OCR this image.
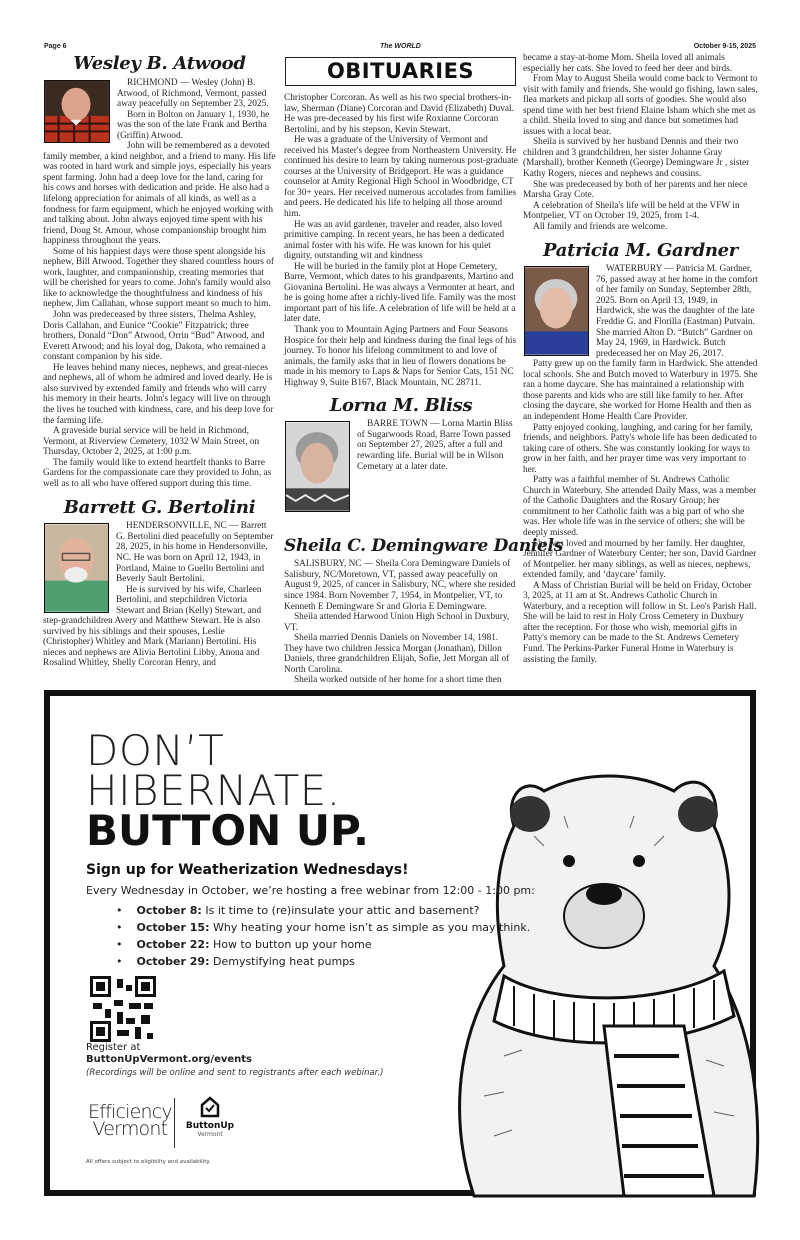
Page 6	The WORLD	October 9-15, 2025
OBITUARIES
Wesley B. Atwood

RICHMOND — Wesley (John) B. Atwood, of Richmond, Vermont, passed away peacefully on September 23, 2025.

Born in Bolton on January 1, 1930, he was the son of the late Frank and Bertha (Griffin) Atwood.

John will be remembered as a devoted family member, a kind neighbor, and a friend to many. His life was rooted in hard work and simple joys, especially his years spent farming. John had a deep love for the land, caring for his cows and horses with dedication and pride. He also had a lifelong appreciation for animals of all kinds, as well as a fondness for farm equipment, which he enjoyed working with and talking about. John always enjoyed time spent with his friend, Doug St. Amour, whose companionship brought him happiness throughout the years.

Some of his happiest days were those spent alongside his nephew, Bill Atwood. Together they shared countless hours of work, laughter, and companionship, creating memories that will be cherished for years to come. John's family would also like to acknowledge the thoughtfulness and kindness of his nephew, Jim Callahan, whose support meant so much to him.

John was predeceased by three sisters, Thelma Ashley, Doris Callahan, and Eunice “Cookie” Fitzpatrick; three brothers, Donald “Don” Atwood, Orrin “Bud” Atwood, and Everett Atwood; and his loyal dog, Dakota, who remained a constant companion by his side.

He leaves behind many nieces, nephews, and great-nieces and nephews, all of whom he admired and loved dearly. He is also survived by extended family and friends who will carry his memory in their hearts. John's legacy will live on through the lives he touched with kindness, care, and his deep love for the farming life.

A graveside burial service will be held in Richmond, Vermont, at Riverview Cemetery, 1032 W Main Street, on Thursday, October 2, 2025, at 1:00 p.m.

The family would like to extend heartfelt thanks to Barre Gardens for the compassionate care they provided to John, as well as to all who have offered support during this time.

Barrett G. Bertolini

HENDERSONVILLE, NC — Barrett G. Bertolini died peacefully on September 28, 2025, in his home in Hendersonville, NC. He was born on April 12, 1943, in Portland, Maine to Guello Bertolini and Beverly Sault Bertolini.

He is survived by his wife, Charleen Bertolini, and stepchildren Victoria Stewart and Brian (Kelly) Stewart, and step-grandchildren Avery and Matthew Stewart. He is also survived by his siblings and their spouses, Leslie (Christopher) Whitley and Mark (Mariann) Bertolini. His nieces and nephews are Alivia Bertolini Libby, Anona and Rosalind Whitley, Shelly Corcoran Henry, and

Christopher Corcoran. As well as his two special brothers-in-law, Sherman (Diane) Corcoran and David (Elizabeth) Duval. He was pre-deceased by his first wife Roxianne Corcoran Bertolini, and by his stepson, Kevin Stewart.

He was a graduate of the University of Vermont and received his Master's degree from Northeastern University. He continued his desire to learn by taking numerous post-graduate courses at the University of Bridgeport. He was a guidance counselor at Amity Regional High School in Woodbridge, CT for 30+ years. Her received numerous accolades from families and peers. He dedicated his life to helping all those around him.

He was an avid gardener, traveler and reader, also loved primitive camping. In recent years, he has been a dedicated animal foster with his wife. He was known for his quiet dignity, outstanding wit and kindness

He will be buried in the family plot at Hope Cemetery, Barre, Vermont, which dates to his grandparents, Martino and Giovanina Bertolini. He was always a Vermonter at heart, and he is going home after a richly-lived life. Family was the most important part of his life. A celebration of life will be held at a later date.

Thank you to Mountain Aging Partners and Four Seasons Hospice for their help and kindness during the final legs of his journey. To honor his lifelong commitment to and love of animals, the family asks that in lieu of flowers donations be made in his memory to Laps & Naps for Senior Cats, 151 NC Highway 9, Suite B167, Black Mountain, NC 28711.

Lorna M. Bliss

BARRE TOWN — Lorna Martin Bliss of Sugarwoods Road, Barre Town passed on September 27, 2025, after a full and rewarding life. Burial will be in Wilson Cemetary at a later date.

Sheila C. Demingware Daniels

SALISBURY, NC — Sheila Cora Demingware Daniels of Salisbury, NC/Moretown, VT, passed away peacefully on August 9, 2025, of cancer in Salisbury, NC, where she resided since 1984. Born November 7, 1954, in Montpelier, VT, to Kenneth E Demingware Sr and Gloria E Demingware.

Sheila attended Harwood Union High School in Duxbury, VT.

Sheila married Dennis Daniels on November 14, 1981. They have two children Jessica Morgan (Jonathan), Dillon Daniels, three grandchildren Elijah, Sofie, Jett Morgan all of North Carolina.

Sheila worked outside of her home for a short time then

became a stay-at-home Mom. Sheila loved all animals especially her cats. She loved to feed her deer and birds.

From May to August Sheila would come back to Vermont to visit with family and friends. She would go fishing, lawn sales, flea markets and pickup all sorts of goodies. She would also spend time with her best friend Elaine Isham which she met as a child. Sheila loved to sing and dance but sometimes had issues with a local bear.

Sheila is survived by her husband Dennis and their two children and 3 grandchildren, her sister Johanne Gray (Marshall), brother Kenneth (George) Demingware Jr , sister Kathy Rogers, nieces and nephews and cousins.

She was predeceased by both of her parents and her niece Marsha Gray Cote.

A celebration of Sheila's life will be held at the VFW in Montpelier, VT on October 19, 2025, from 1-4.

All family and friends are welcome.

Patricia M. Gardner

WATERBURY — Patricia M. Gardner, 76, passed away at her home in the comfort of her family on Sunday, September 28th, 2025. Born on April 13, 1949, in Hardwick, she was the daughter of the late Freddie G. and Florilla (Eastman) Putvain. She married Alton D. “Butch” Gardner on May 24, 1969, in Hardwick. Butch predeceased her on May 26, 2017.

Patty grew up on the family farm in Hardwick. She attended local schools. She and Butch moved to Waterbury in 1975. She ran a home daycare. She has maintained a relationship with those parents and kids who are still like family to her. After closing the daycare, she worked for Home Health and then as an independent Home Health Care Provider.

Patty enjoyed cooking, laughing, and caring for her family, friends, and neighbors. Patty's whole life has been dedicated to taking care of others. She was constantly looking for ways to grow in her faith, and her prayer time was very important to her.

Patty was a faithful member of St. Andrews Catholic Church in Waterbury. She attended Daily Mass, was a member of the Catholic Daughters and the Rosary Group; her commitment to her Catholic faith was a big part of who she was. Her whole life was in the service of others; she will be deeply missed.

She was loved and mourned by her family. Her daughter, Jennifer Gardner of Waterbury Center; her son, David Gardner of Montpelier. her many siblings, as well as nieces, nephews, extended family, and ‘daycare’ family.

A Mass of Christian Burial will be held on Friday, October 3, 2025, at 11 am at St. Andrews Catholic Church in Waterbury, and a reception will follow in St. Leo's Parish Hall. She will be laid to rest in Holy Cross Cemetery in Duxbury after the reception. For those who wish, memorial gifts in Patty's memory can be made to the St. Andrews Cemetery Fund. The Perkins-Parker Funeral Home in Waterbury is assisting the family.

DON’T
HIBERNATE.
BUTTON UP.
Sign up for Weatherization Wednesdays!
Every Wednesday in October, we’re hosting a free webinar from 12:00 - 1:00 pm:
• October 8: Is it time to (re)insulate your attic and basement?
• October 15: Why heating your home isn’t as simple as you may think.
• October 22: How to button up your home
• October 29: Demystifying heat pumps
Register at
ButtonUpVermont.org/events
(Recordings will be online and sent to registrants after each webinar.)
Efficiency
Vermont	ButtonUp
Vermont
All offers subject to eligibility and availability.
